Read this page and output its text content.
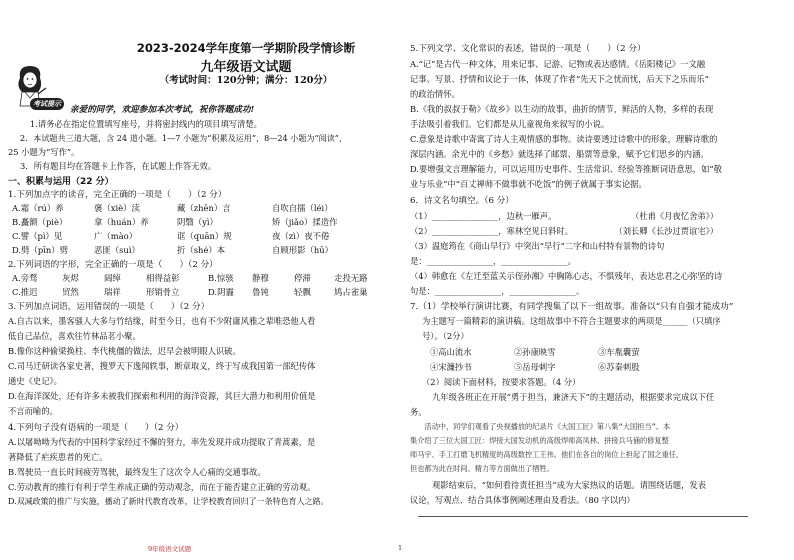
2023-2024学年度第一学期阶段学情诊断
九年级语文试题
（考试时间：120分钟；满分：120分）
考试提示
亲爱的同学，欢迎参加本次考试，祝你答题成功!
1.请务必在指定位置填写座号，并将密封线内的项目填写清楚。
2．本试题共三道大题，含 24 道小题。1—7 小题为“积累及运用”，8—24 小题为“阅读”，
25 小题为“写作”。
3．所有题目均在答题卡上作答，在试题上作答无效。
一、积累与运用（22 分）
1.下列加点字的读音，完全正确的一项是（　　）（2 分）
A.霜（rú）养	褒（xiè）渎	藏（zhēn）言	自吹自擂（léi）
B.矗额（piè）	拿（huán）养	阴翳（yì）	矫（jiǎo）揉造作
C.譬（pì）见	广（mào）	诓（quān）规	夜（zì）夜不倦
D.劈（pīn）劈	恶匪（suì）	折（shé）本	自顾形影（hū）
2.下列词语的字形，完全正确的一项是（　　）（2 分）
A.旁骛	灰烬	阔绰	相得益彰	B.惊骇 静穆	停滞	走投无路
C.推迟	贸然	瑞祥	形销骨立	D.阴霾 鲁钝	轻飘	鸠占雀巢
3.下列加点词语，运用错误的一项是（　　）（2 分）
A.自古以来，墨客骚人大多与竹结缘，时至今日，也有不少附庸风雅之辈唯恐他人看
低自己品位，喜欢往竹林品茗小聚。
B.像你这种偷梁换柱、李代桃僵的做法，迟早会被明眼人识破。
C.司马迁研读各家史著，搜罗天下逸闻轶事，断章取义，终于写成我国第一部纪传体
通史《史记》。
D.在海洋深处，还有许多未被我们探索和利用的海洋资源，其巨大潜力和利用价值是
不言而喻的。
4.下列句子没有语病的一项是（　　）（2 分）
A.以屠呦呦为代表的中国科学家经过不懈的努力，率先发现并成功提取了青蒿素，是
著降低了疟疾患者的死亡。
B.驾驶员一直长时间疲劳驾驶，最终发生了这次令人心痛的交通事故。
C.劳动教育的推行有利于学生养成正确的劳动观念，而在于能否建立正确的劳动观。
D.双减政策的推广与实施，播动了新时代教育改革，让学校教育回归了一条特色育人之路。
5.下列文学、文化常识的表述，错误的一项是（　　）（2 分）
A.“记”是古代一种文体，用来记事、记游、记物或表达感情。《岳阳楼记》一文融
记事、写景、抒情和议论于一体，体现了作者“先天下之忧而忧，后天下之乐而乐”
的政治情怀。
B.《我的叔叔于勒》《故乡》以生动的故事，曲折的情节，鲜活的人物，多样的表现
手法吸引着我们。它们都是从儿童视角来叙写的小说。
C.意象是诗歌中寄寓了诗人主观情感的事物。读诗要透过诗歌中的形象，理解诗歌的
深层内涵。余光中的《乡愁》就选择了邮票、船票等意象，赋予它们思乡的内涵。
D.要增强文言理解能力，可以运用历史事件、生活常识、经验等推断词语意思，如“敬
业与乐业”中“百丈禅师不做事就不吃饭”的例子就属于事实论据。
6．诗文名句填空。（6 分）
（1）________________，边秋一雁声。　　　　　　　　　　（杜甫《月夜忆舍弟》）
（2）________________，寒林空见日斜时。　　　　　　（刘长卿《长沙过贾谊宅》）
（3）温庭筠在《商山早行》中突出“早行”二字和山村特有景物的诗句
是：________________，________________。
（4）韩愈在《左迁至蓝关示侄孙湘》中胸陈心志，不惧残年，表达忠君之心弥坚的诗
句是：________________，________________。
7.（1）学校举行演讲比赛，有同学搜集了以下一组故事。准备以“只有自强才能成功”
为主题写一篇精彩的演讲稿。这组故事中不符合主题要求的两项是______（只填序
号）。（2分）
①高山流水	②孙康映雪	③车胤囊萤
④宋濂抄书	⑤岳母刺字	⑥苏秦刺股
（2）阅读下面材料，按要求答题。（4 分）
九年级各班正在开展“勇于担当，兼济天下”的主题活动，根据要求完成以下任
务。
　　活动中，同学们观看了央视播放的纪录片《大国工匠》第八集“大国担当”。本
集介绍了三位大国工匠：焊接大国发动机的高级焊师高凤林、拼接兵马俑的修复整
师马宇、手工打磨飞机精度的高级数控工王伟。他们在各自的岗位上担起了国之重任，
但也都为此在时间、精力等方面做出了牺牲。
观影结束后，“如何看待责任担当”成为大家热议的话题。请围绕话题，发表
议论，写观点、结合具体事例阐述理由及看法。（80 字以内）
9年级语文试题	1
